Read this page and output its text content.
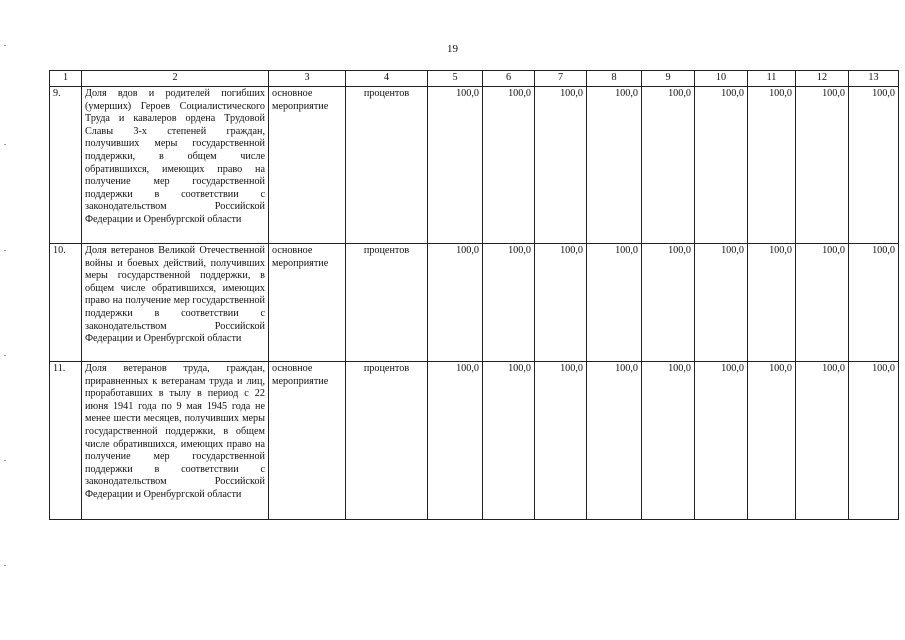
19
1	2	3	4	5	6	7	8	9	10	11	12	13
9.	Доля вдов и родителей погибших (умерших) Героев Социалистического Труда и кавалеров ордена Трудовой Славы 3-х степеней граждан, получивших меры государственной поддержки, в общем числе обратившихся, имеющих право на получение мер государственной поддержки в соответствии с законодательством Российской Федерации и Оренбургской области	основное мероприятие	процентов	100,0	100,0	100,0	100,0	100,0	100,0	100,0	100,0	100,0
10.	Доля ветеранов Великой Отечественной войны и боевых действий, получивших меры государственной поддержки, в общем числе обратившихся, имеющих право на получение мер государственной поддержки в соответствии с законодательством Российской Федерации и Оренбургской области	основное мероприятие	процентов	100,0	100,0	100,0	100,0	100,0	100,0	100,0	100,0	100,0
11.	Доля ветеранов труда, граждан, приравненных к ветеранам труда и лиц, проработавших в тылу в период с 22 июня 1941 года по 9 мая 1945 года не менее шести месяцев, получивших меры государственной поддержки, в общем числе обратившихся, имеющих право на получение мер государственной поддержки в соответствии с законодательством Российской Федерации и Оренбургской области	основное мероприятие	процентов	100,0	100,0	100,0	100,0	100,0	100,0	100,0	100,0	100,0
